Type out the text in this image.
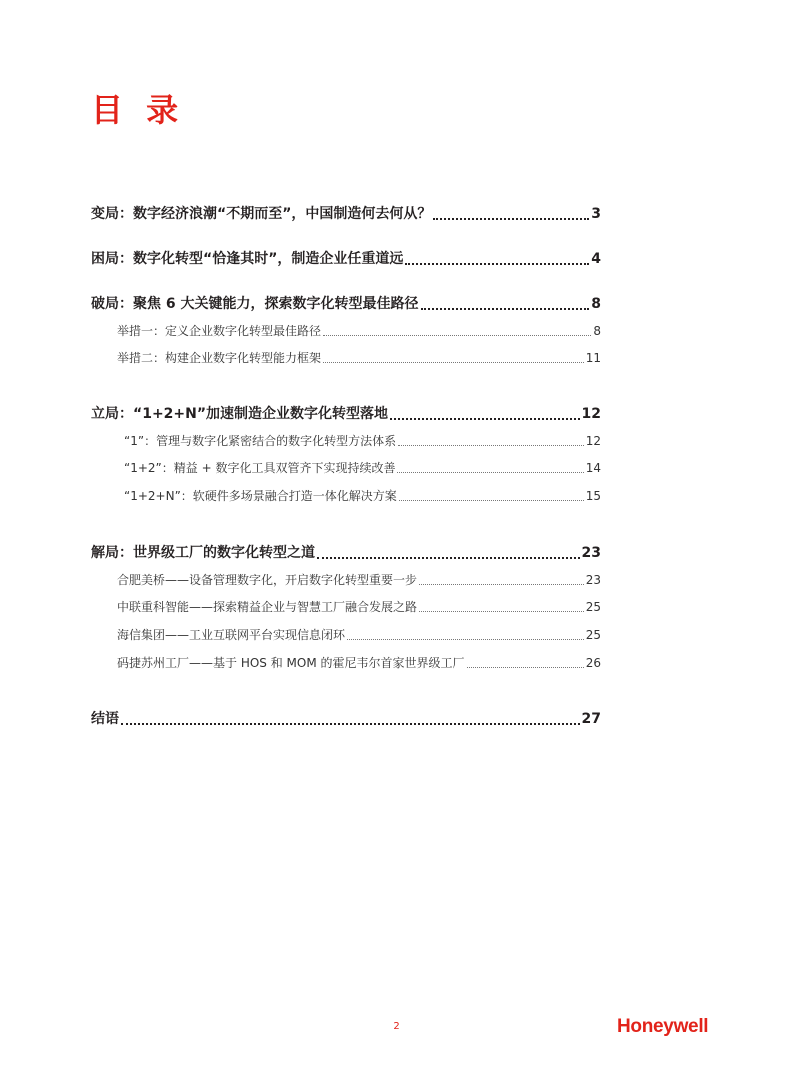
目 录
变局：数字经济浪潮“不期而至”，中国制造何去何从？	3
困局：数字化转型“恰逢其时”，制造企业任重道远	4
破局：聚焦 6 大关键能力，探索数字化转型最佳路径	8
举措一：定义企业数字化转型最佳路径	8
举措二：构建企业数字化转型能力框架	11
立局：“1+2+N”加速制造企业数字化转型落地	12
“1”：管理与数字化紧密结合的数字化转型方法体系	12
“1+2”：精益 + 数字化工具双管齐下实现持续改善	14
“1+2+N”：软硬件多场景融合打造一体化解决方案	15
解局：世界级工厂的数字化转型之道	23
合肥美桥——设备管理数字化，开启数字化转型重要一步	23
中联重科智能——探索精益企业与智慧工厂融合发展之路	25
海信集团——工业互联网平台实现信息闭环	25
码捷苏州工厂——基于 HOS 和 MOM 的霍尼韦尔首家世界级工厂	26
结语	27
2	Honeywell
